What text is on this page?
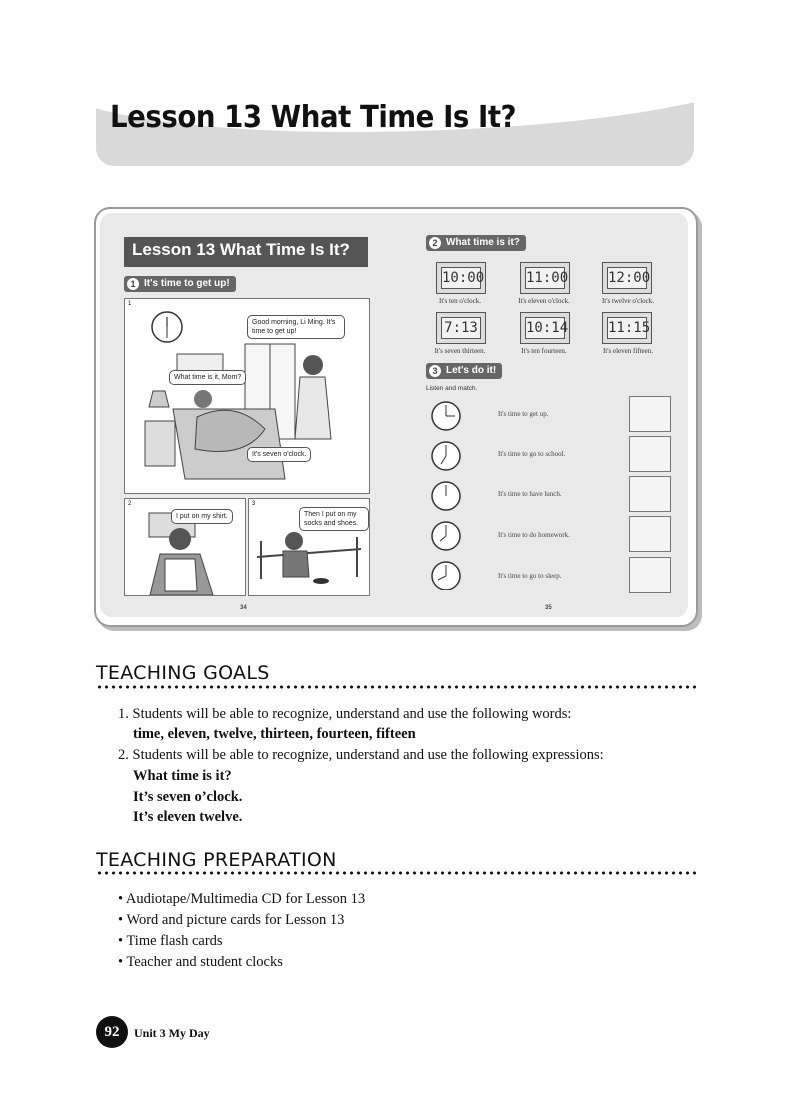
Lesson 13 What Time Is It?
Lesson 13 What Time Is It?
1 It's time to get up!
1
Good morning, Li Ming. It's time to get up!
What time is it, Mom?
It's seven o'clock.
2
I put on my shirt.
3
Then I put on my socks and shoes.
34	35
2 What time is it?
10:00	11:00	12:00
It's ten o'clock.	It's eleven o'clock.	It's twelve o'clock.
7:13	10:14	11:15
It's seven thirteen.	It's ten fourteen.	It's eleven fifteen.
3 Let's do it!
Listen and match.
It's time to get up.
It's time to go to school.
It's time to have lunch.
It's time to do homework.
It's time to go to sleep.
TEACHING GOALS
1. Students will be able to recognize, understand and use the following words:
time, eleven, twelve, thirteen, fourteen, fifteen
2. Students will be able to recognize, understand and use the following expressions:
What time is it?
It’s seven o’clock.
It’s eleven twelve.
TEACHING PREPARATION
• Audiotape/Multimedia CD for Lesson 13
• Word and picture cards for Lesson 13
• Time flash cards
• Teacher and student clocks
92	Unit 3 My Day
